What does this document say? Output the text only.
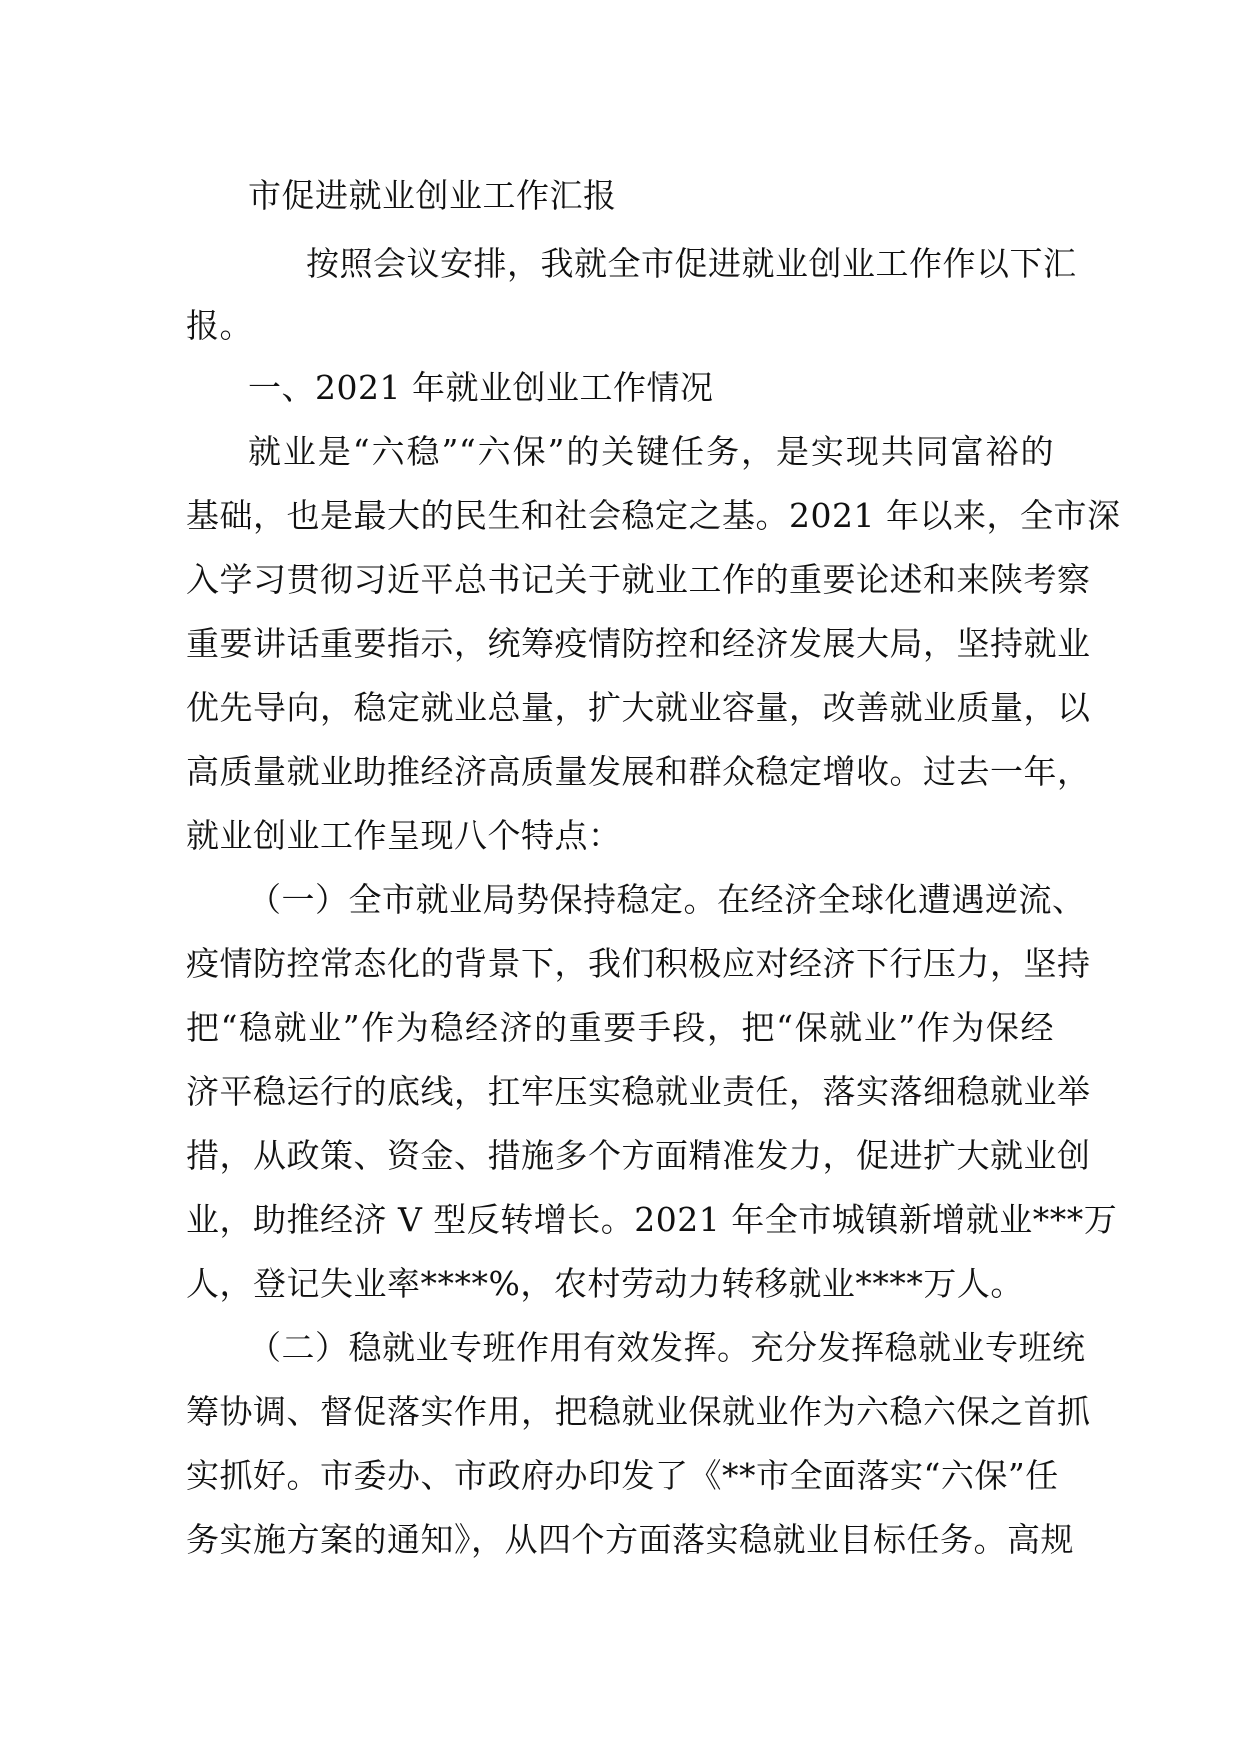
市促进就业创业工作汇报
按照会议安排，我就全市促进就业创业工作作以下汇
报。
一、2021 年就业创业工作情况
就业是“六稳”“六保”的关键任务，是实现共同富裕的
基础，也是最大的民生和社会稳定之基。2021 年以来，全市深
入学习贯彻习近平总书记关于就业工作的重要论述和来陕考察
重要讲话重要指示，统筹疫情防控和经济发展大局，坚持就业
优先导向，稳定就业总量，扩大就业容量，改善就业质量，以
高质量就业助推经济高质量发展和群众稳定增收。过去一年，
就业创业工作呈现八个特点：
（一）全市就业局势保持稳定。在经济全球化遭遇逆流、
疫情防控常态化的背景下，我们积极应对经济下行压力，坚持
把“稳就业”作为稳经济的重要手段，把“保就业”作为保经
济平稳运行的底线，扛牢压实稳就业责任，落实落细稳就业举
措，从政策、资金、措施多个方面精准发力，促进扩大就业创
业，助推经济 V 型反转增长。2021 年全市城镇新增就业***万
人，登记失业率****%，农村劳动力转移就业****万人。
（二）稳就业专班作用有效发挥。充分发挥稳就业专班统
筹协调、督促落实作用，把稳就业保就业作为六稳六保之首抓
实抓好。市委办、市政府办印发了《**市全面落实“六保”任
务实施方案的通知》，从四个方面落实稳就业目标任务。高规
